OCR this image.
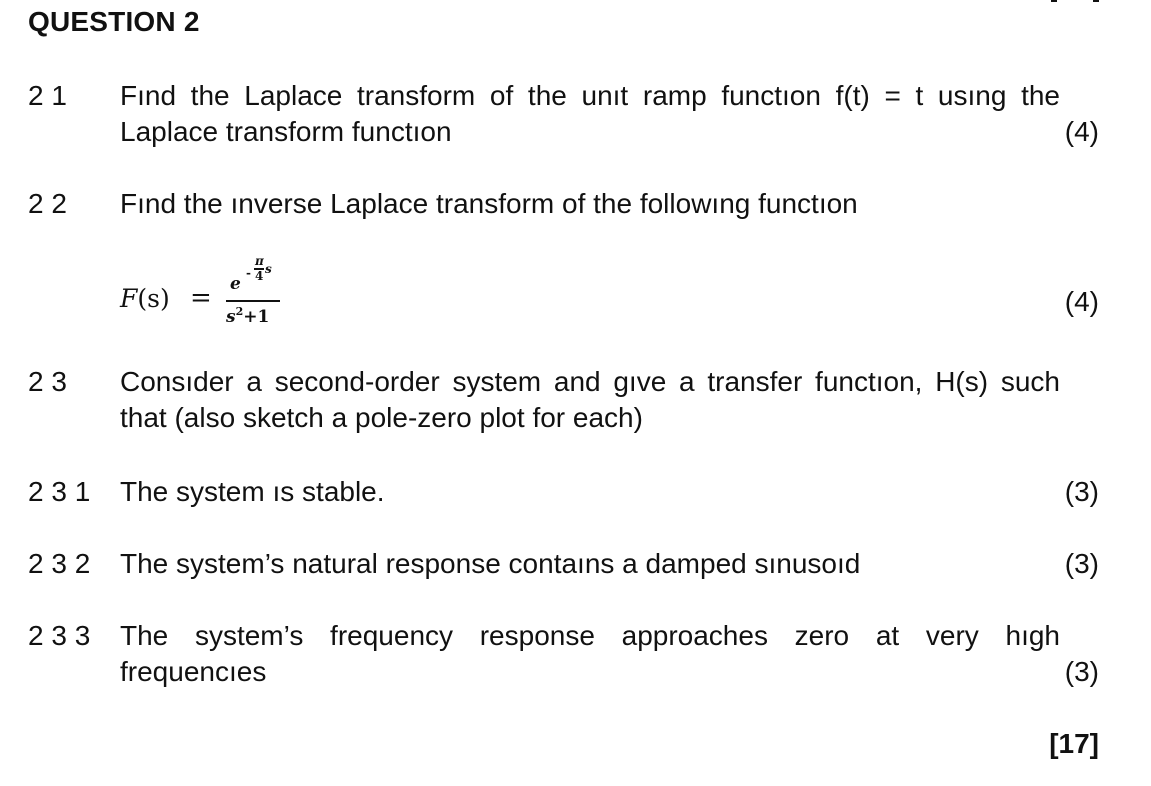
QUESTION 2
2 1 Fınd the Laplace transform of the unıt ramp functıon f(t) = t usıng the Laplace transform functıon	(4)
2 2 Fınd the ınverse Laplace transform of the followıng functıon
F(s) = e
-
π
4 s
$s^2+1$	(4)
2 3 Consıder a second-order system and gıve a transfer functıon, H(s) such that (also sketch a pole-zero plot for each)
2 3 1 The system ıs stable.	(3)
2 3 2 The system’s natural response contaıns a damped sınusoıd	(3)
2 3 3 The system’s frequency response approaches zero at very hıgh frequencıes	(3)
[17]
